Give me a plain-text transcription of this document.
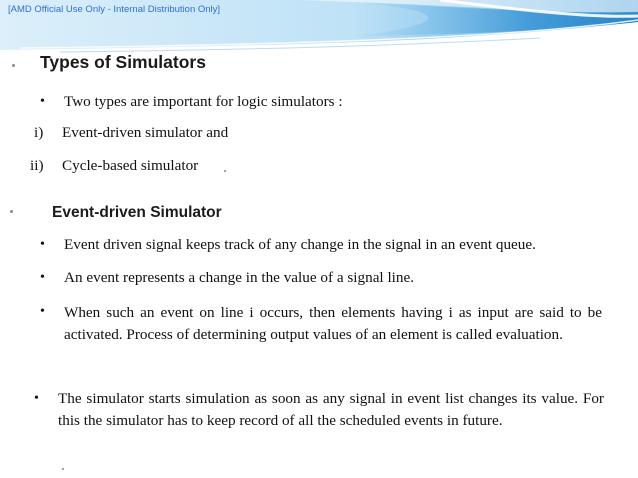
[AMD Official Use Only - Internal Distribution Only]
Types of Simulators
• Two types are important for logic simulators :
i) Event-driven simulator and
ii) Cycle-based simulator
Event-driven Simulator
• Event driven signal keeps track of any change in the signal in an event queue.
• An event represents a change in the value of a signal line.
• When such an event on line i occurs, then elements having i as input are said to be activated. Process of determining output values of an element is called evaluation.
• The simulator starts simulation as soon as any signal in event list changes its value. For this the simulator has to keep record of all the scheduled events in future.
